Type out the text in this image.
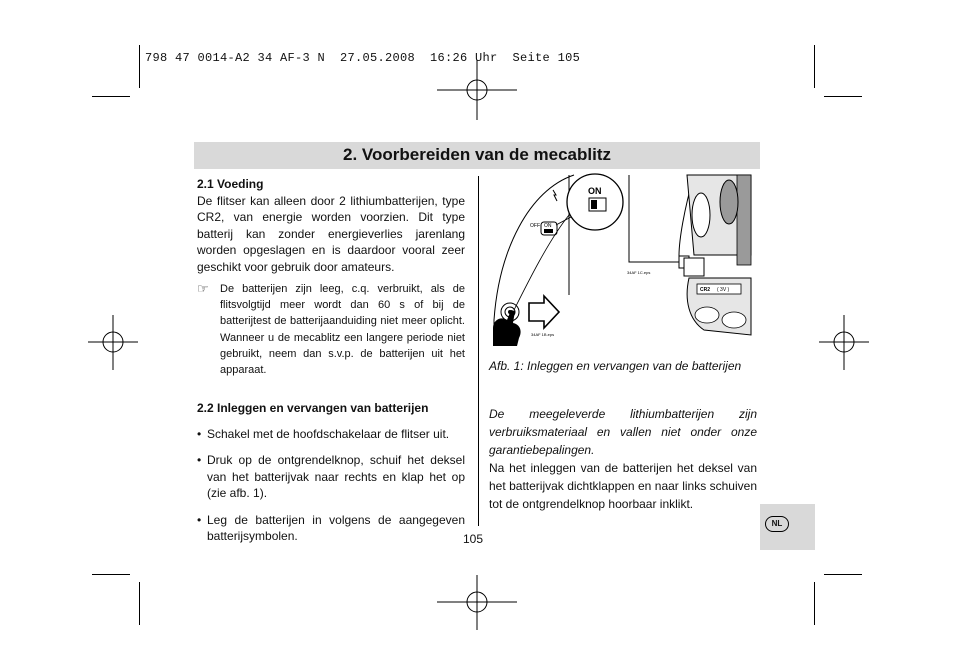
798 47 0014-A2 34 AF-3 N  27.05.2008  16:26 Uhr  Seite 105
2. Voorbereiden van de mecablitz
2.1 Voeding
De flitser kan alleen door 2 lithiumbatterijen, type CR2, van energie worden voorzien. Dit type batterij kan zonder energieverlies jarenlang worden opgeslagen en is daardoor vooral zeer geschikt voor gebruik door amateurs.
☞	De batterijen zijn leeg, c.q. verbruikt, als de flitsvolgtijd meer wordt dan 60 s of bij de batterijtest de batterijaanduiding niet meer oplicht. Wanneer u de mecablitz een langere periode niet gebruikt, neem dan s.v.p. de batterijen uit het apparaat.
2.2 Inleggen en vervangen van batterijen
• Schakel met de hoofdschakelaar de flitser uit.
• Druk op de ontgrendelknop, schuif het deksel van het batterijvak naar rechts en klap het op (zie afb. 1).
• Leg de batterijen in volgens de aangegeven batterijsymbolen.
OFF ON
ON
34AF 1B.eps
34AF 1C.eps
CR2 ( 3V )
Afb. 1: Inleggen en vervangen van de batterijen
De meegeleverde lithiumbatterijen zijn verbruiksmateriaal en vallen niet onder onze garantiebepalingen.
Na het inleggen van de batterijen het deksel van het batterijvak dichtklappen en naar links schuiven tot de ontgrendelknop hoorbaar inklikt.
105
NL
